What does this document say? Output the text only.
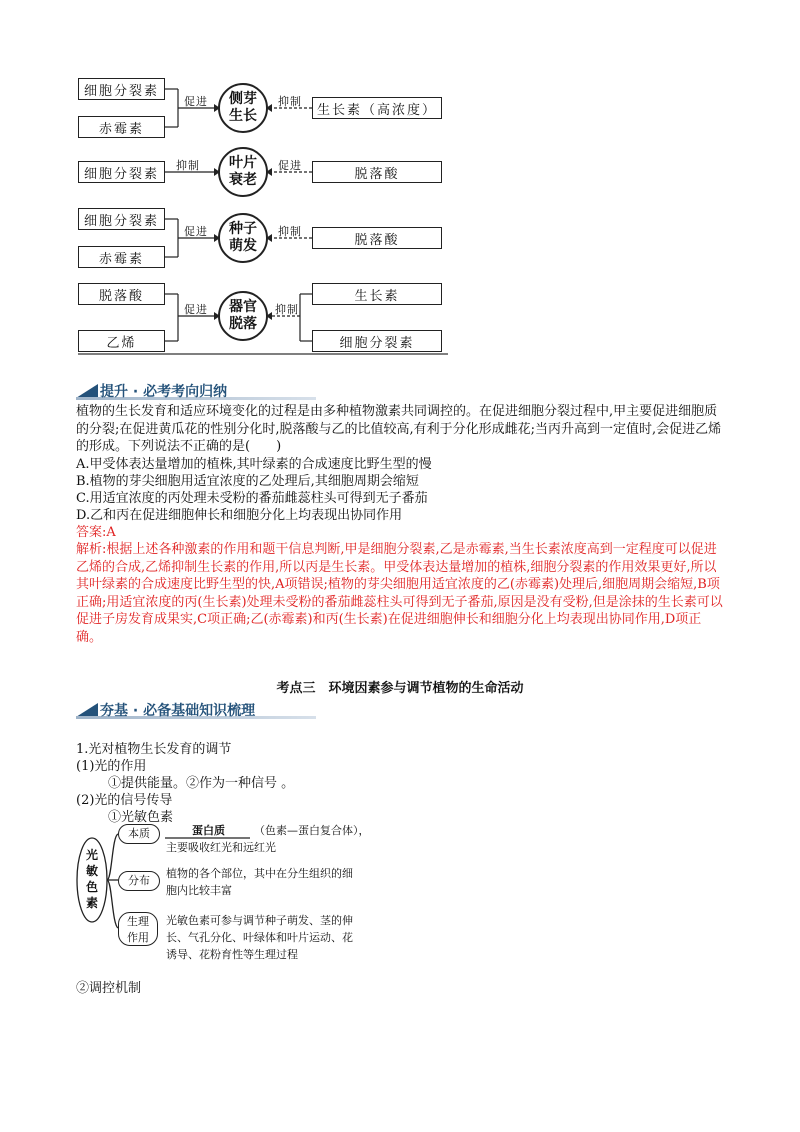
细胞分裂素
赤霉素
促进 侧芽
生长
抑制
生长素（高浓度）
细胞分裂素
抑制 叶片
衰老
促进
脱落酸
细胞分裂素
赤霉素
促进 种子
萌发
抑制
脱落酸
脱落酸
乙烯
促进 器官
脱落
抑制
生长素
细胞分裂素
提升 · 必考考向归纳
植物的生长发育和适应环境变化的过程是由多种植物激素共同调控的。在促进细胞分裂过程中,甲主要促进细胞质的分裂;在促进黄瓜花的性别分化时,脱落酸与乙的比值较高,有利于分化形成雌花;当丙升高到一定值时,会促进乙烯的形成。下列说法不正确的是(　　)
A.甲受体表达量增加的植株,其叶绿素的合成速度比野生型的慢
B.植物的芽尖细胞用适宜浓度的乙处理后,其细胞周期会缩短
C.用适宜浓度的丙处理未受粉的番茄雌蕊柱头可得到无子番茄
D.乙和丙在促进细胞伸长和细胞分化上均表现出协同作用
答案:A
解析:根据上述各种激素的作用和题干信息判断,甲是细胞分裂素,乙是赤霉素,当生长素浓度高到一定程度可以促进乙烯的合成,乙烯抑制生长素的作用,所以丙是生长素。甲受体表达量增加的植株,细胞分裂素的作用效果更好,所以其叶绿素的合成速度比野生型的快,A项错误;植物的芽尖细胞用适宜浓度的乙(赤霉素)处理后,细胞周期会缩短,B项正确;用适宜浓度的丙(生长素)处理未受粉的番茄雌蕊柱头可得到无子番茄,原因是没有受粉,但是涂抹的生长素可以促进子房发育成果实,C项正确;乙(赤霉素)和丙(生长素)在促进细胞伸长和细胞分化上均表现出协同作用,D项正确。
考点三　环境因素参与调节植物的生命活动
夯基 · 必备基础知识梳理
1.光对植物生长发育的调节
(1)光的作用
①提供能量。②作为一种信号 。
(2)光的信号传导
①光敏色素
光
敏
色
素
本质	蛋白质	（色素—蛋白复合体），
主要吸收红光和远红光
分布
植物的各个部位，其中在分生组织的细
胞内比较丰富
生理
作用
光敏色素可参与调节种子萌发、茎的伸
长、气孔分化、叶绿体和叶片运动、花
诱导、花粉育性等生理过程
②调控机制
